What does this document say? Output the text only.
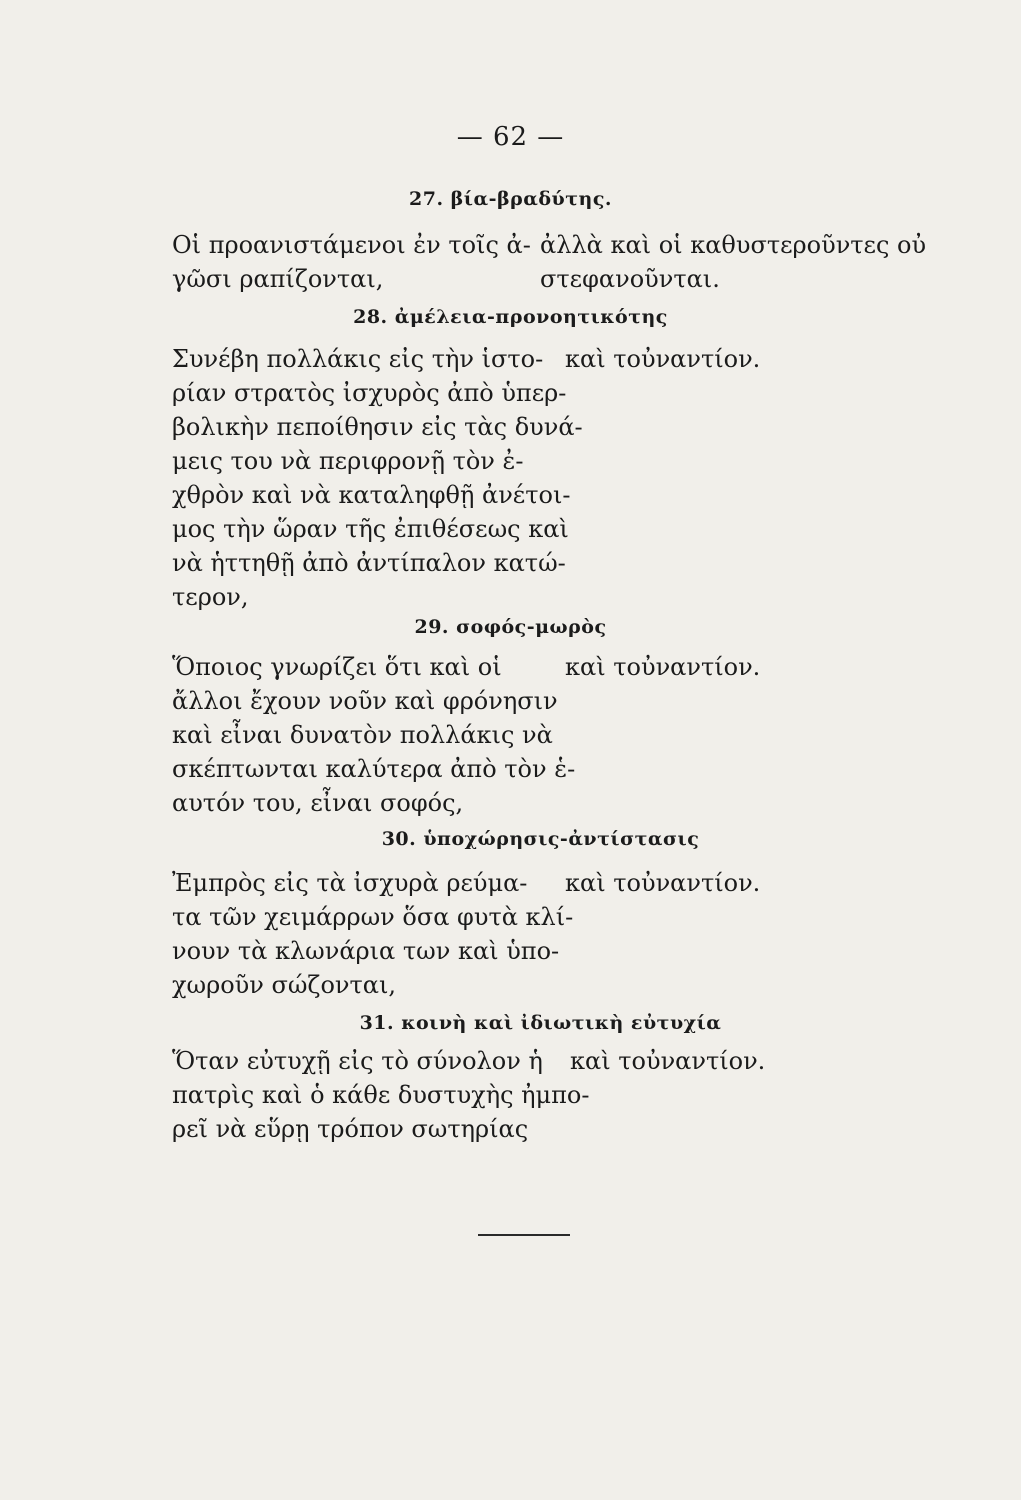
— 62 —
27. βία-βραδύτης.
Οἱ προανιστάμενοι ἐν τοῖς ἀ-
γῶσι ραπίζονται,
ἀλλὰ καὶ οἱ καθυστεροῦντες οὐ
στεφανοῦνται.
28. ἀμέλεια-προνοητικότης
Συνέβη πολλάκις εἰς τὴν ἱστο-
ρίαν στρατὸς ἰσχυρὸς ἀπὸ ὑπερ-
βολικὴν πεποίθησιν εἰς τὰς δυνά-
μεις του νὰ περιφρονῇ τὸν ἐ-
χθρὸν καὶ νὰ καταληφθῇ ἀνέτοι-
μος τὴν ὥραν τῆς ἐπιθέσεως καὶ
νὰ ἡττηθῇ ἀπὸ ἀντίπαλον κατώ-
τερον,
καὶ τοὐναντίον.
29. σοφός-μωρὸς
Ὅποιος γνωρίζει ὅτι καὶ οἱ
ἄλλοι ἔχουν νοῦν καὶ φρόνησιν
καὶ εἶναι δυνατὸν πολλάκις νὰ
σκέπτωνται καλύτερα ἀπὸ τὸν ἑ-
αυτόν του, εἶναι σοφός,
καὶ τοὐναντίον.
30. ὑποχώρησις-ἀντίστασις
Ἐμπρὸς εἰς τὰ ἰσχυρὰ ρεύμα-
τα τῶν χειμάρρων ὅσα φυτὰ κλί-
νουν τὰ κλωνάρια των καὶ ὑπο-
χωροῦν σώζονται,
καὶ τοὐναντίον.
31. κοινὴ καὶ ἰδιωτικὴ εὐτυχία
Ὅταν εὐτυχῇ εἰς τὸ σύνολον ἡ
πατρὶς καὶ ὁ κάθε δυστυχὴς ἠμπο-
ρεῖ νὰ εὕρῃ τρόπον σωτηρίας
καὶ τοὐναντίον.
